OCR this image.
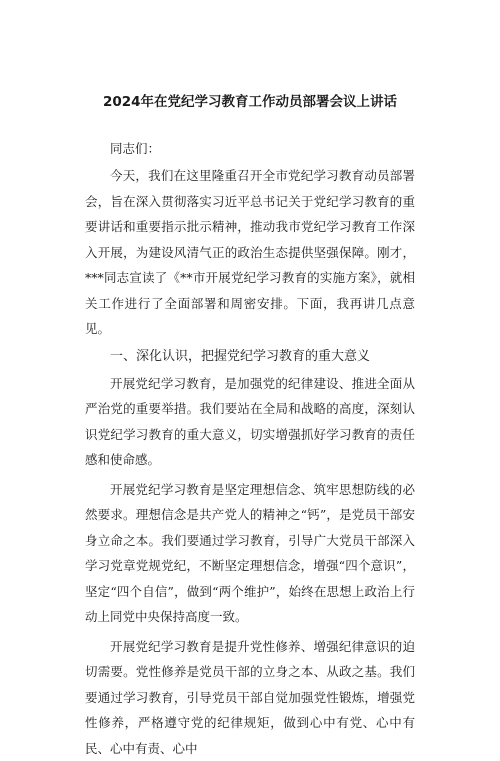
2024年在党纪学习教育工作动员部署会议上讲话
同志们：

今天，我们在这里隆重召开全市党纪学习教育动员部署会，旨在深入贯彻落实习近平总书记关于党纪学习教育的重要讲话和重要指示批示精神，推动我市党纪学习教育工作深入开展，为建设风清气正的政治生态提供坚强保障。刚才，***同志宣读了《**市开展党纪学习教育的实施方案》，就相关工作进行了全面部署和周密安排。下面，我再讲几点意见。

一、深化认识，把握党纪学习教育的重大意义

开展党纪学习教育，是加强党的纪律建设、推进全面从严治党的重要举措。我们要站在全局和战略的高度，深刻认识党纪学习教育的重大意义，切实增强抓好学习教育的责任感和使命感。

开展党纪学习教育是坚定理想信念、筑牢思想防线的必然要求。理想信念是共产党人的精神之“钙”，是党员干部安身立命之本。我们要通过学习教育，引导广大党员干部深入学习党章党规党纪，不断坚定理想信念，增强“四个意识”，坚定“四个自信”，做到“两个维护”，始终在思想上政治上行动上同党中央保持高度一致。

开展党纪学习教育是提升党性修养、增强纪律意识的迫切需要。党性修养是党员干部的立身之本、从政之基。我们要通过学习教育，引导党员干部自觉加强党性锻炼，增强党性修养，严格遵守党的纪律规矩，做到心中有党、心中有民、心中有责、心中
